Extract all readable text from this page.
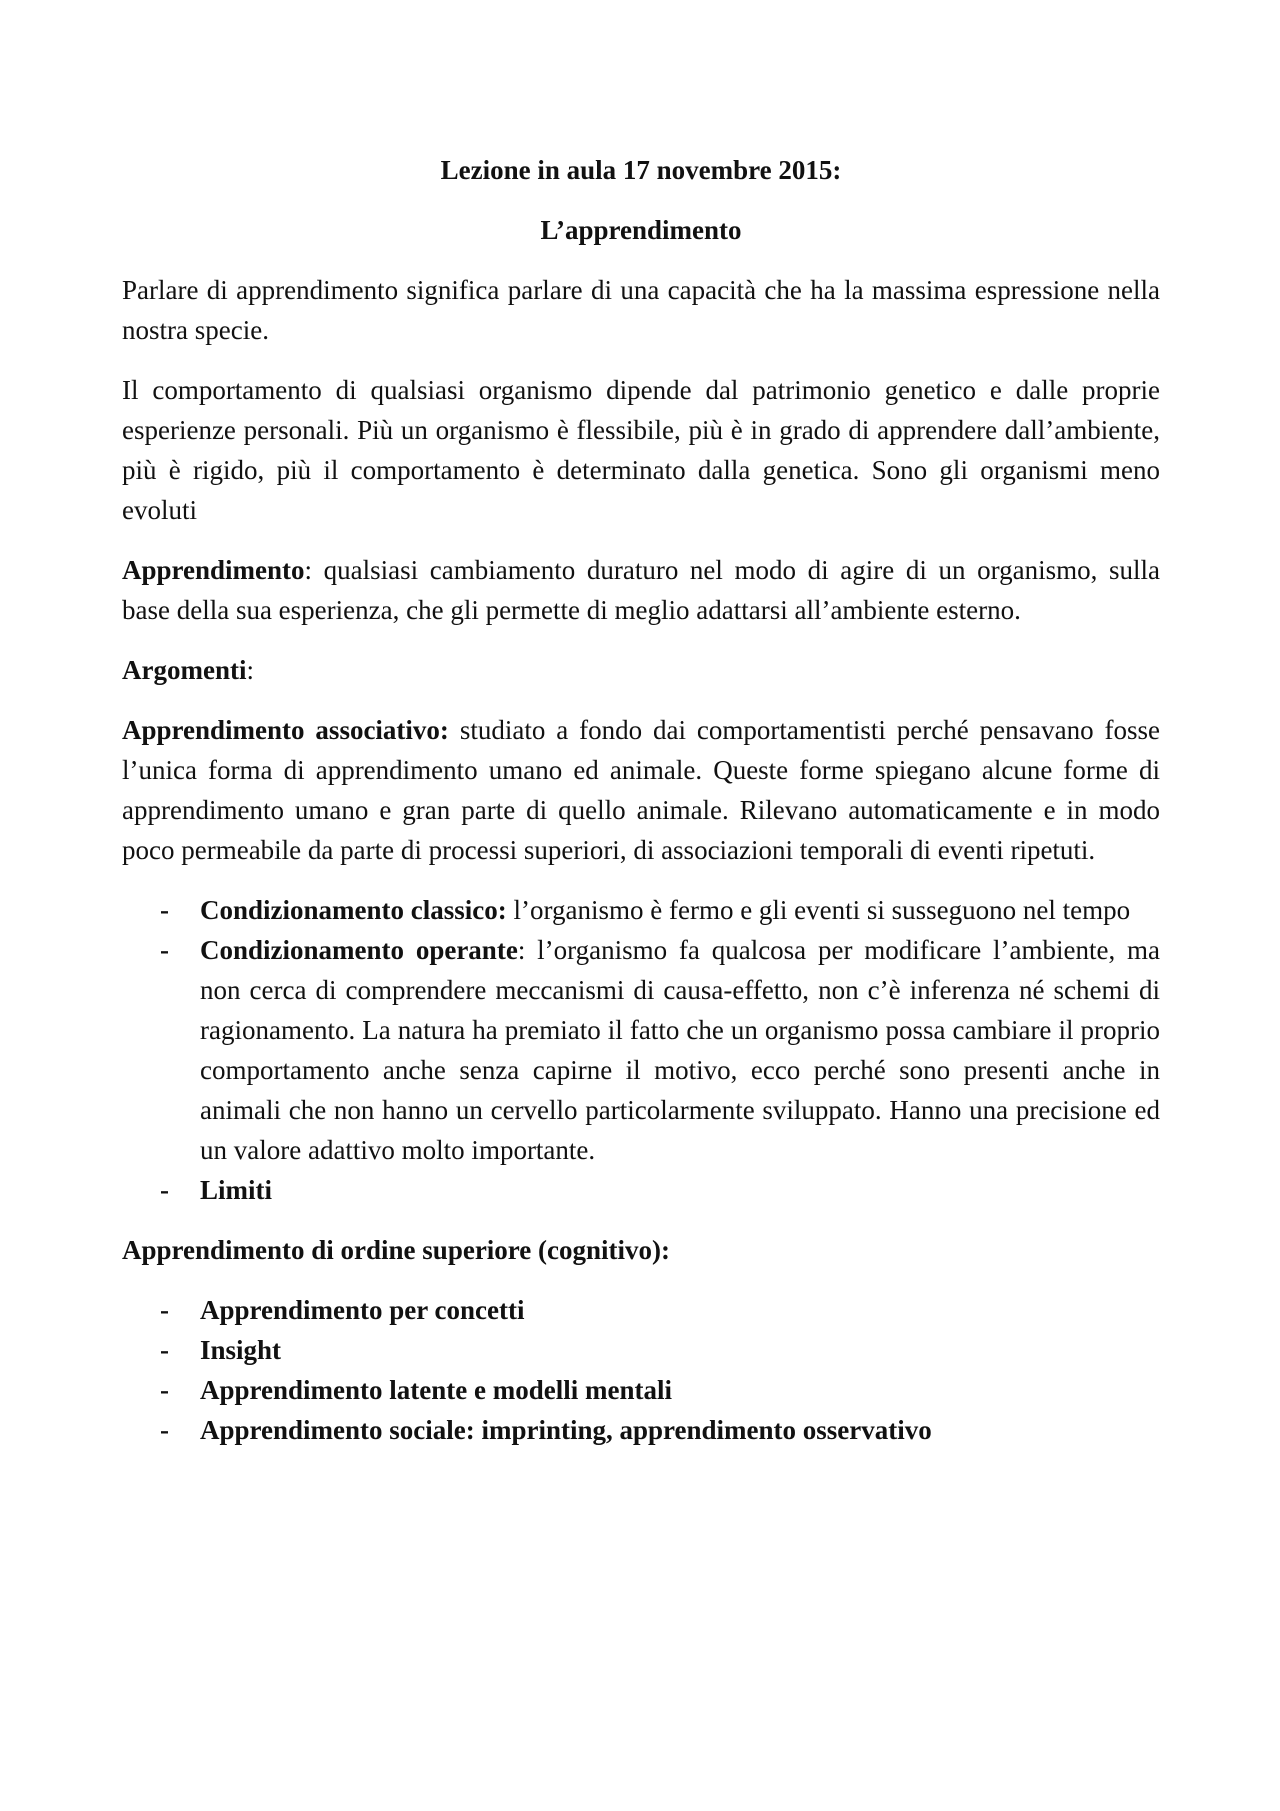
Lezione in aula 17 novembre 2015:
L’apprendimento

Parlare di apprendimento significa parlare di una capacità che ha la massima espressione nella nostra specie.

Il comportamento di qualsiasi organismo dipende dal patrimonio genetico e dalle proprie esperienze personali. Più un organismo è flessibile, più è in grado di apprendere dall’ambiente, più è rigido, più il comportamento è determinato dalla genetica. Sono gli organismi meno evoluti

Apprendimento: qualsiasi cambiamento duraturo nel modo di agire di un organismo, sulla base della sua esperienza, che gli permette di meglio adattarsi all’ambiente esterno.

Argomenti:

Apprendimento associativo: studiato a fondo dai comportamentisti perché pensavano fosse l’unica forma di apprendimento umano ed animale. Queste forme spiegano alcune forme di apprendimento umano e gran parte di quello animale. Rilevano automaticamente e in modo poco permeabile da parte di processi superiori, di associazioni temporali di eventi ripetuti.

- Condizionamento classico: l’organismo è fermo e gli eventi si susseguono nel tempo
- Condizionamento operante: l’organismo fa qualcosa per modificare l’ambiente, ma non cerca di comprendere meccanismi di causa-effetto, non c’è inferenza né schemi di ragionamento. La natura ha premiato il fatto che un organismo possa cambiare il proprio comportamento anche senza capirne il motivo, ecco perché sono presenti anche in animali che non hanno un cervello particolarmente sviluppato. Hanno una precisione ed un valore adattivo molto importante.
- Limiti

Apprendimento di ordine superiore (cognitivo):

- Apprendimento per concetti
- Insight
- Apprendimento latente e modelli mentali
- Apprendimento sociale: imprinting, apprendimento osservativo
